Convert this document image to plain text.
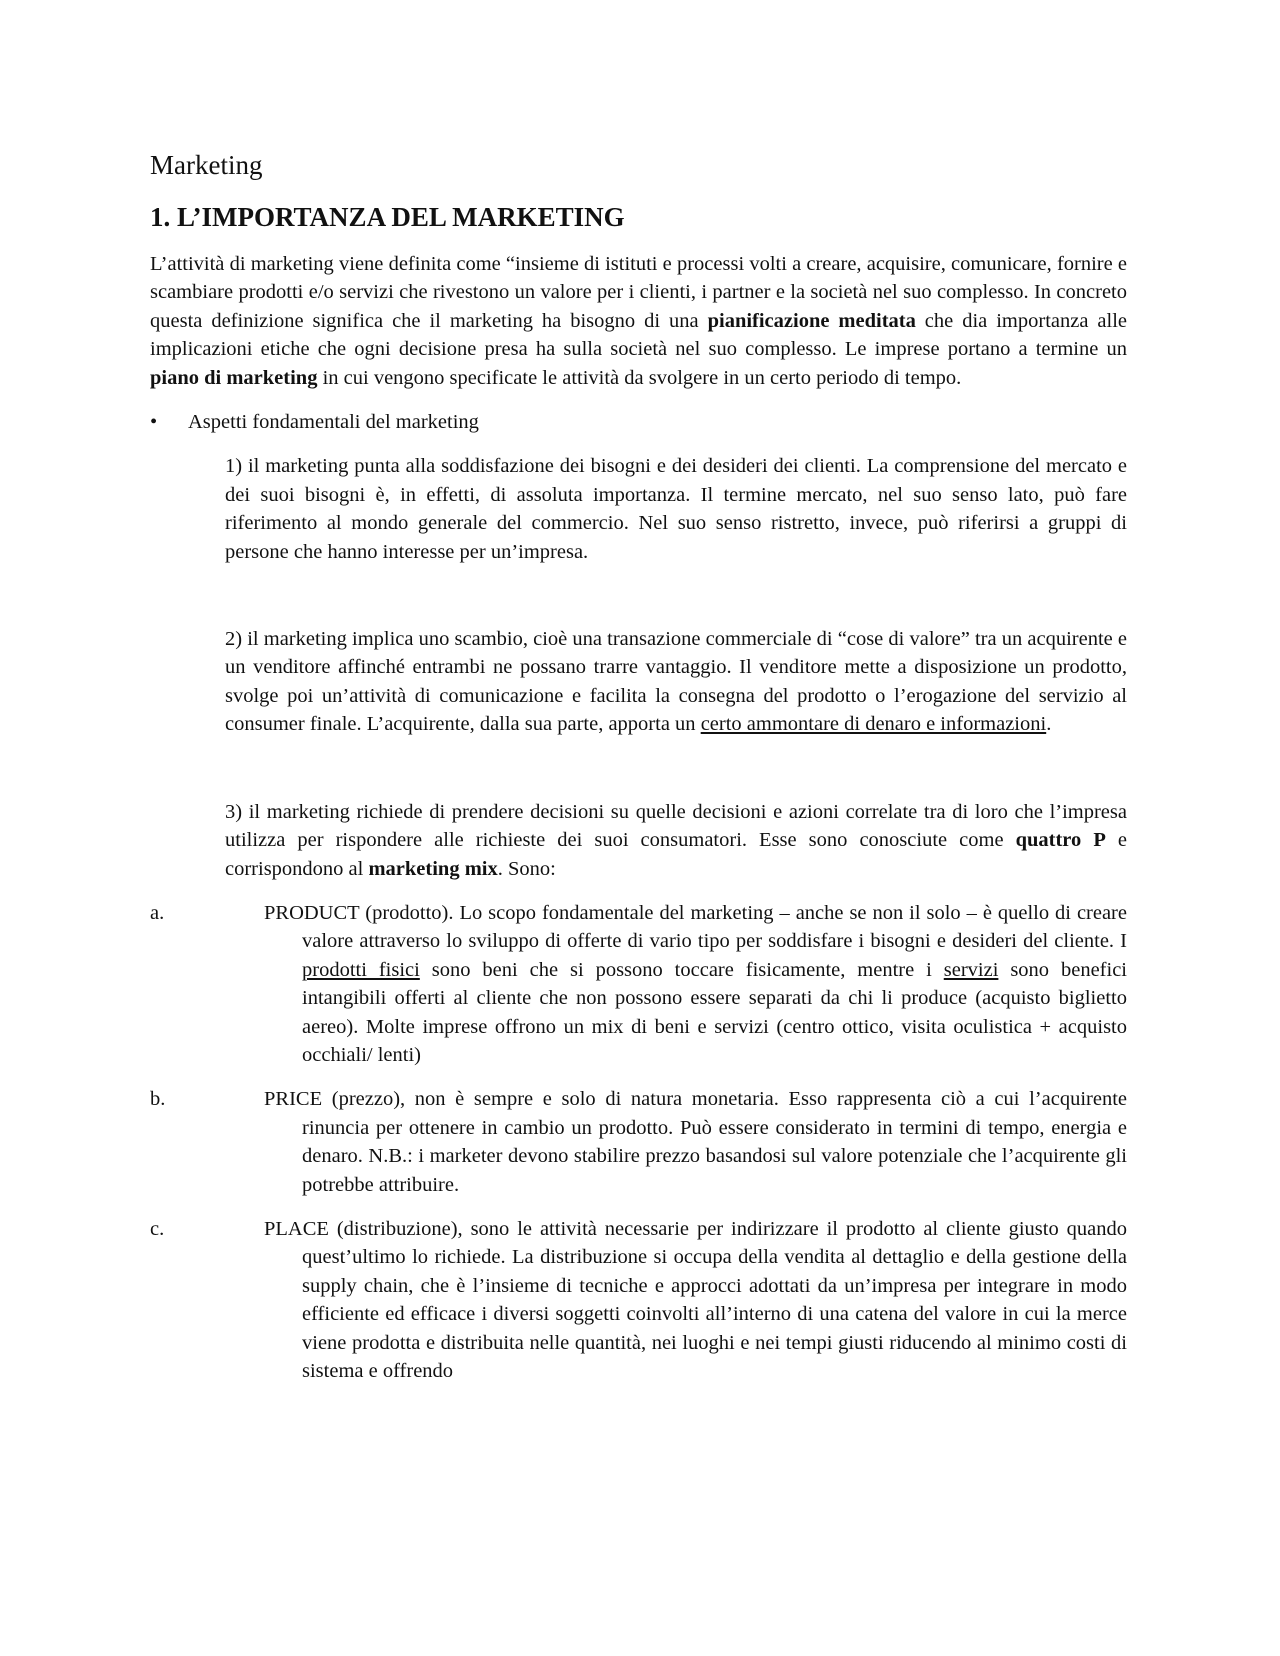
Marketing
1. L’IMPORTANZA DEL MARKETING

L’attività di marketing viene definita come “insieme di istituti e processi volti a creare, acquisire, comunicare, fornire e scambiare prodotti e/o servizi che rivestono un valore per i clienti, i partner e la società nel suo complesso. In concreto questa definizione significa che il marketing ha bisogno di una pianificazione meditata che dia importanza alle implicazioni etiche che ogni decisione presa ha sulla società nel suo complesso. Le imprese portano a termine un piano di marketing in cui vengono specificate le attività da svolgere in un certo periodo di tempo.

• Aspetti fondamentali del marketing

1) il marketing punta alla soddisfazione dei bisogni e dei desideri dei clienti. La comprensione del mercato e dei suoi bisogni è, in effetti, di assoluta importanza. Il termine mercato, nel suo senso lato, può fare riferimento al mondo generale del commercio. Nel suo senso ristretto, invece, può riferirsi a gruppi di persone che hanno interesse per un’impresa.

2) il marketing implica uno scambio, cioè una transazione commerciale di “cose di valore” tra un acquirente e un venditore affinché entrambi ne possano trarre vantaggio. Il venditore mette a disposizione un prodotto, svolge poi un’attività di comunicazione e facilita la consegna del prodotto o l’erogazione del servizio al consumer finale. L’acquirente, dalla sua parte, apporta un certo ammontare di denaro e informazioni.

3) il marketing richiede di prendere decisioni su quelle decisioni e azioni correlate tra di loro che l’impresa utilizza per rispondere alle richieste dei suoi consumatori. Esse sono conosciute come quattro P e corrispondono al marketing mix. Sono:

a.	PRODUCT (prodotto). Lo scopo fondamentale del marketing – anche se non il solo – è quello di creare valore attraverso lo sviluppo di offerte di vario tipo per soddisfare i bisogni e desideri del cliente. I prodotti fisici sono beni che si possono toccare fisicamente, mentre i servizi sono benefici intangibili offerti al cliente che non possono essere separati da chi li produce (acquisto biglietto aereo). Molte imprese offrono un mix di beni e servizi (centro ottico, visita oculistica + acquisto occhiali/ lenti)

b.	PRICE (prezzo), non è sempre e solo di natura monetaria. Esso rappresenta ciò a cui l’acquirente rinuncia per ottenere in cambio un prodotto. Può essere considerato in termini di tempo, energia e denaro. N.B.: i marketer devono stabilire prezzo basandosi sul valore potenziale che l’acquirente gli potrebbe attribuire.

c.	PLACE (distribuzione), sono le attività necessarie per indirizzare il prodotto al cliente giusto quando quest’ultimo lo richiede. La distribuzione si occupa della vendita al dettaglio e della gestione della supply chain, che è l’insieme di tecniche e approcci adottati da un’impresa per integrare in modo efficiente ed efficace i diversi soggetti coinvolti all’interno di una catena del valore in cui la merce viene prodotta e distribuita nelle quantità, nei luoghi e nei tempi giusti riducendo al minimo costi di sistema e offrendo
